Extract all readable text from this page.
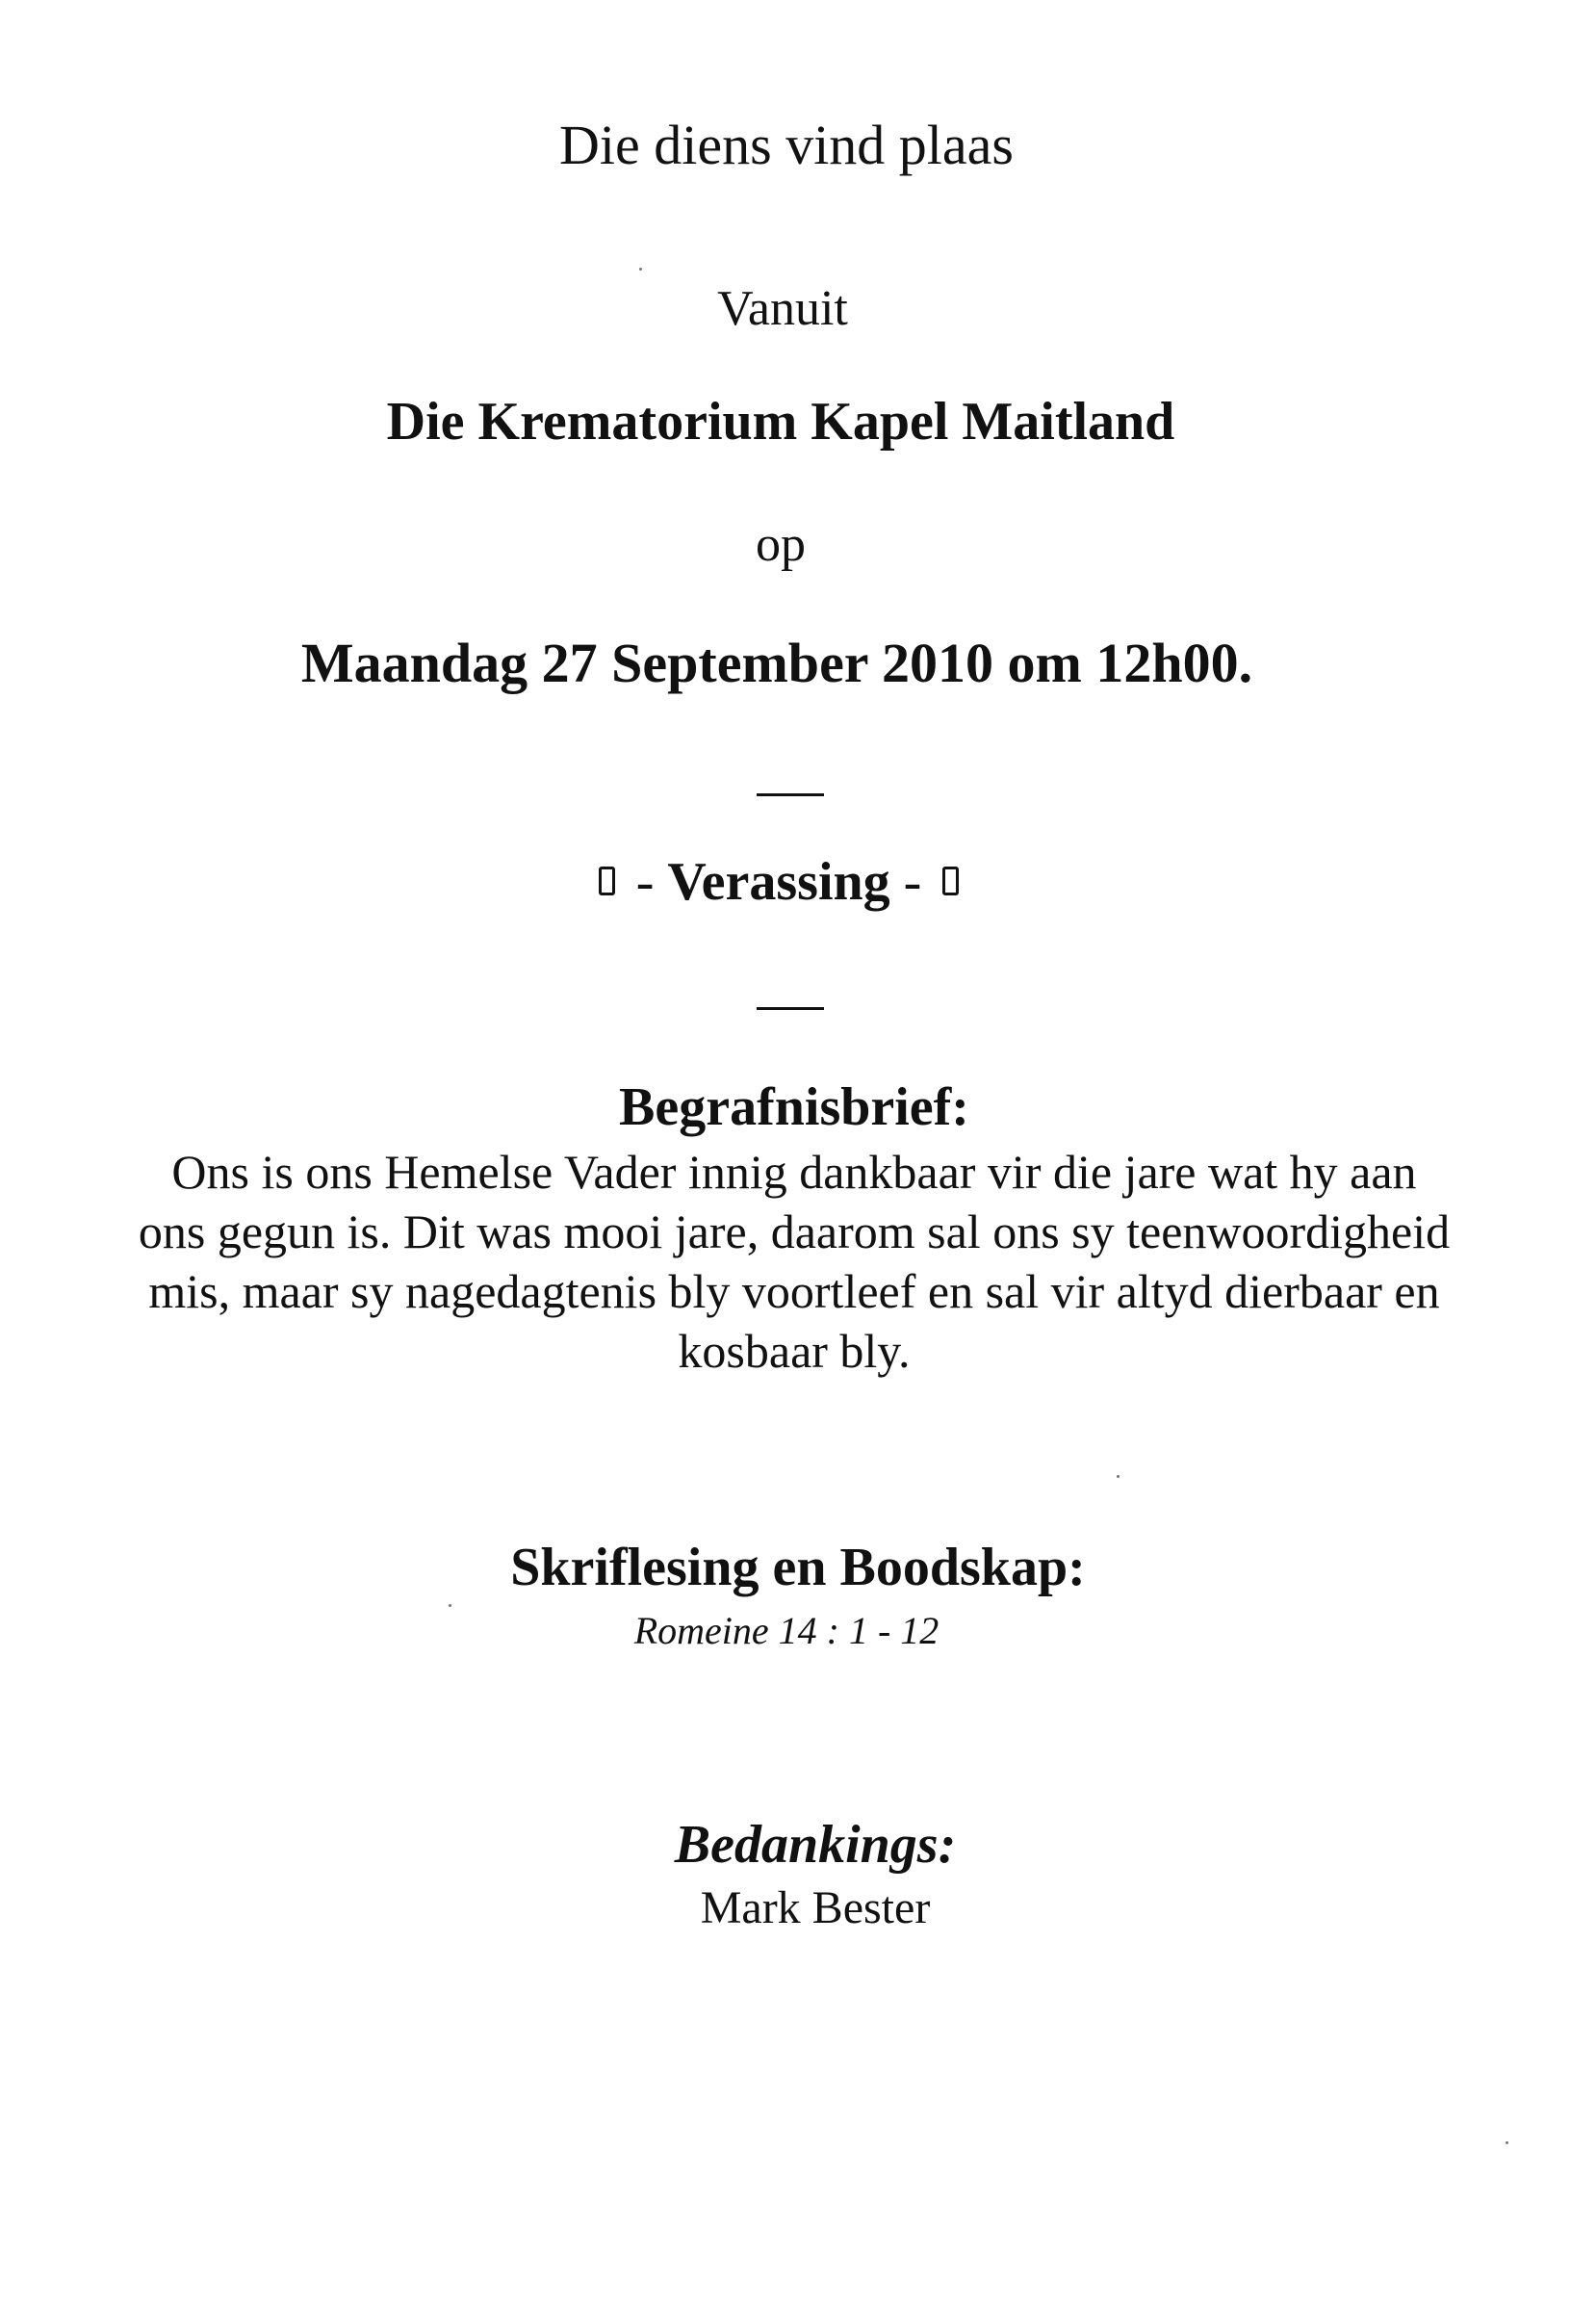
Die diens vind plaas
Vanuit
Die Krematorium Kapel Maitland
op
Maandag 27 September 2010 om 12h00.
- Verassing -
Begrafnisbrief:
Ons is ons Hemelse Vader innig dankbaar vir die jare wat hy aan
ons gegun is. Dit was mooi jare, daarom sal ons sy teenwoordigheid
mis, maar sy nagedagtenis bly voortleef en sal vir altyd dierbaar en
kosbaar bly.
Skriflesing en Boodskap:
Romeine 14 : 1 - 12
Bedankings:
Mark Bester
